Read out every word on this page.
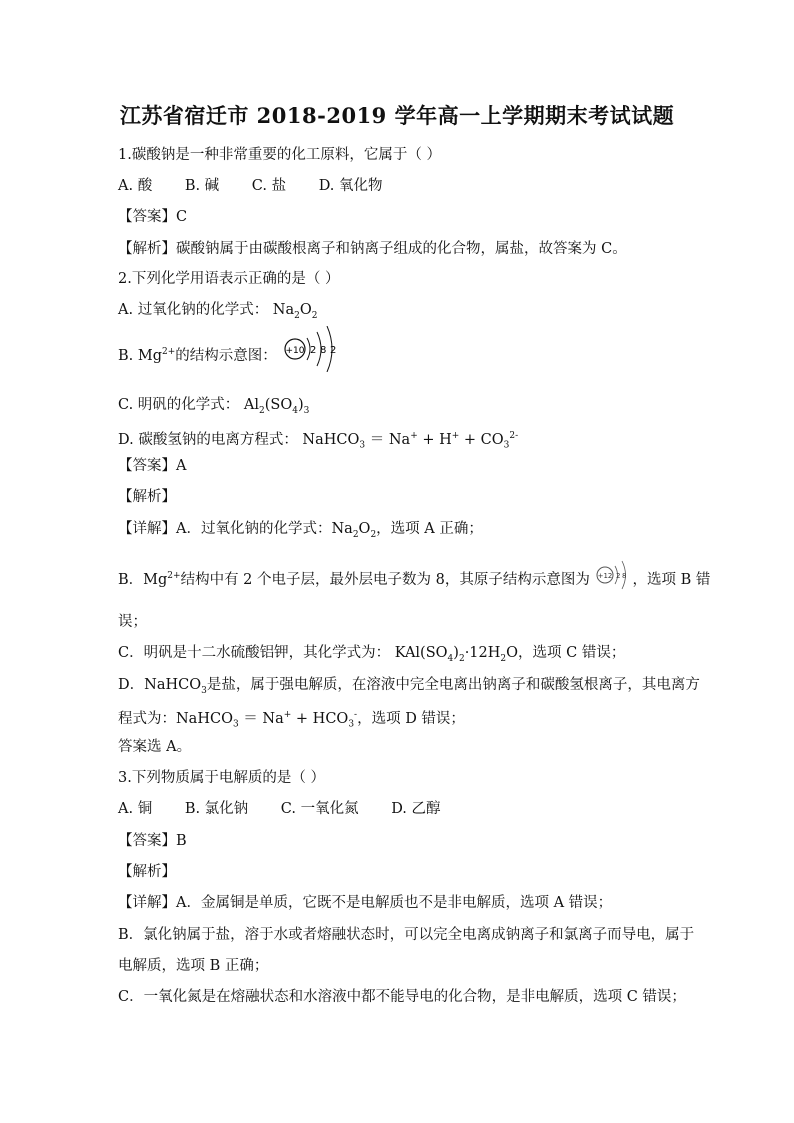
江苏省宿迁市 2018-2019 学年高一上学期期末考试试题
1.碳酸钠是一种非常重要的化工原料，它属于（ ）
A. 酸 B. 碱 C. 盐 D. 氧化物
【答案】C
【解析】碳酸钠属于由碳酸根离子和钠离子组成的化合物，属盐，故答案为 C。
2.下列化学用语表示正确的是（ ）
A. 过氧化钠的化学式： $Na_2O_2$
B. $Mg^{2+}$的结构示意图： +10 2 8 2
C. 明矾的化学式： $Al_2(SO_4)_3$
D. 碳酸氢钠的电离方程式： NaHCO$_3$ ＝ $Na^+ + H^+ + CO_3^{2-}$
【答案】A
【解析】
【详解】A．过氧化钠的化学式：$Na_2O_2$，选项 A 正确；
B．$Mg^{2+}$结构中有 2 个电子层，最外层电子数为 8，其原子结构示意图为 +12 2 8 ，选项 B 错
误；
C．明矾是十二水硫酸铝钾，其化学式为： $KAl(SO_4)_2\cdot 12H_2O$，选项 C 错误；
D．NaHCO$_3$是盐，属于强电解质，在溶液中完全电离出钠离子和碳酸氢根离子，其电离方
程式为：NaHCO$_3$ ＝ $Na^+ + HCO_3^-$，选项 D 错误；
答案选 A。
3.下列物质属于电解质的是（ ）
A. 铜 B. 氯化钠 C. 一氧化氮 D. 乙醇
【答案】B
【解析】
【详解】A．金属铜是单质，它既不是电解质也不是非电解质，选项 A 错误；
B．氯化钠属于盐，溶于水或者熔融状态时，可以完全电离成钠离子和氯离子而导电，属于
电解质，选项 B 正确；
C．一氧化氮是在熔融状态和水溶液中都不能导电的化合物，是非电解质，选项 C 错误；
